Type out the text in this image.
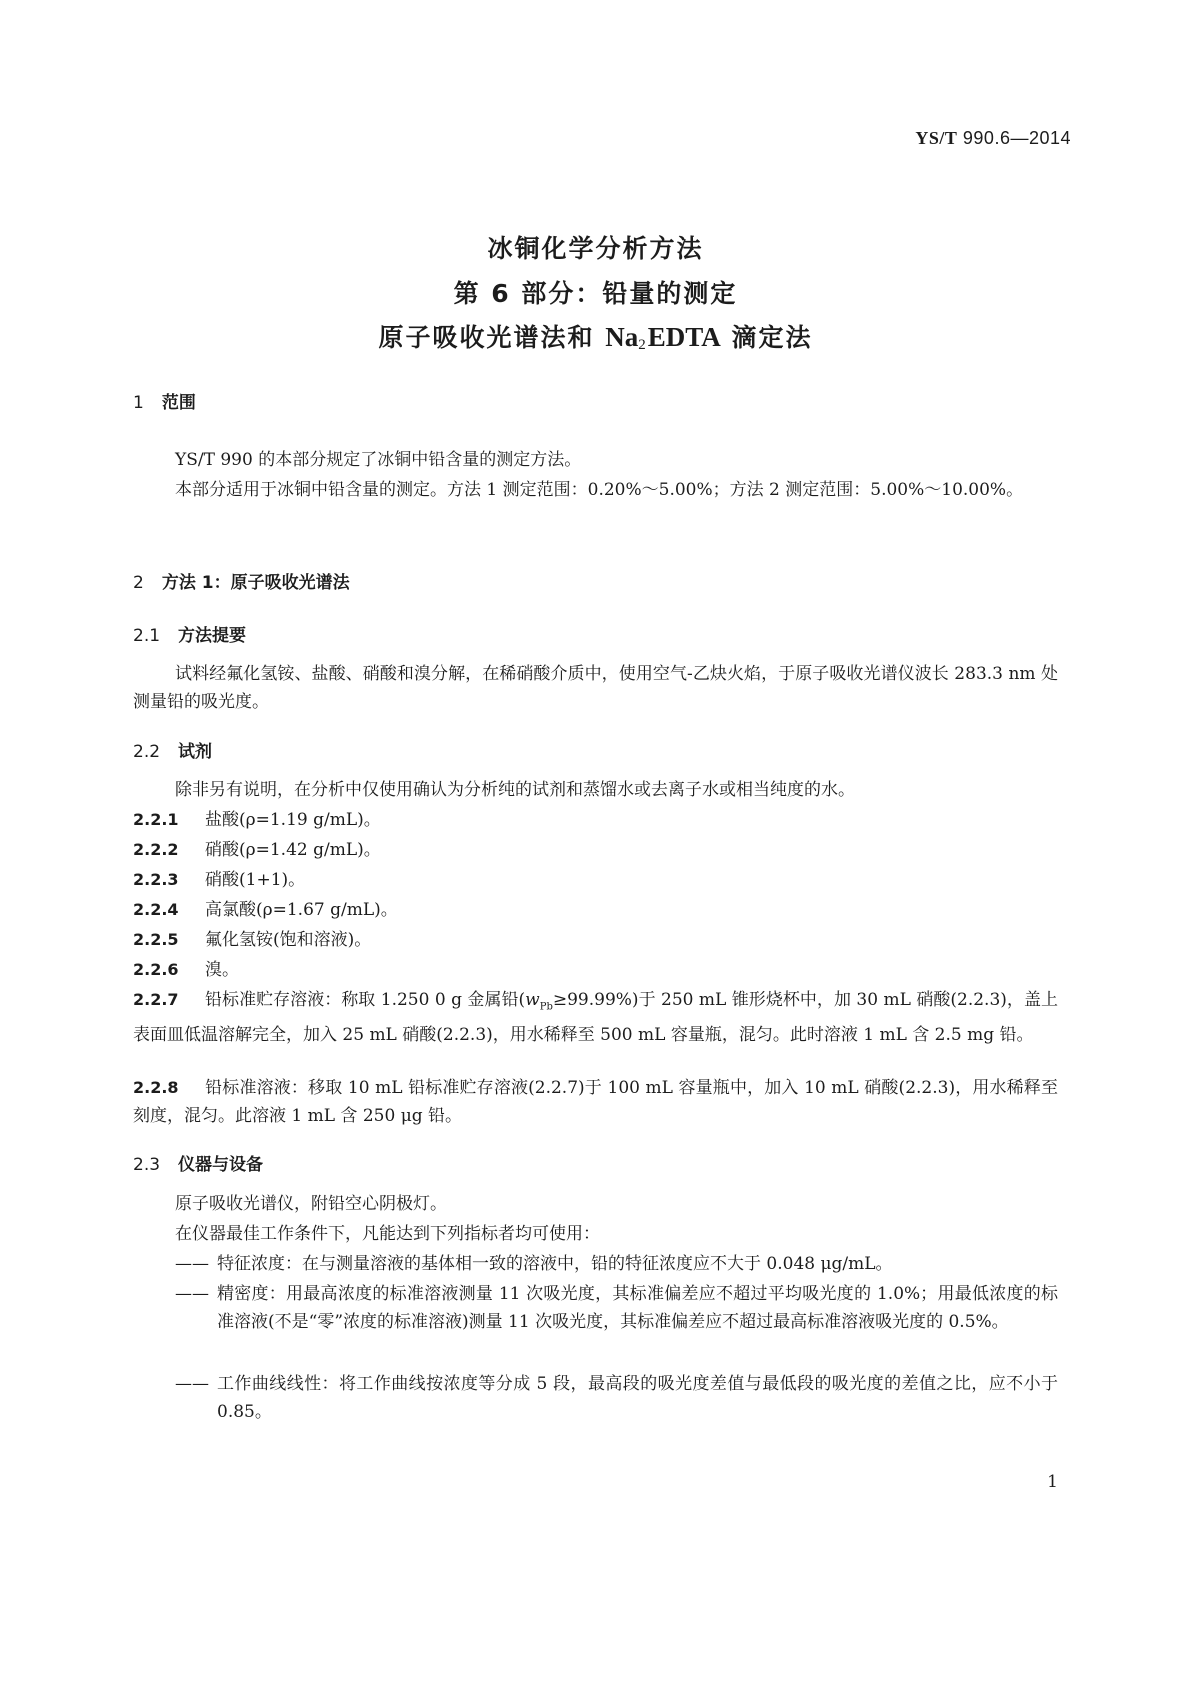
YS/T 990.6—2014
冰铜化学分析方法
第 6 部分：铅量的测定
原子吸收光谱法和 $Na_2EDTA$ 滴定法
1 范围
YS/T 990 的本部分规定了冰铜中铅含量的测定方法。
本部分适用于冰铜中铅含量的测定。方法 1 测定范围：0.20%～5.00%；方法 2 测定范围：5.00%～10.00%。
2 方法 1：原子吸收光谱法
2.1 方法提要
试料经氟化氢铵、盐酸、硝酸和溴分解，在稀硝酸介质中，使用空气-乙炔火焰，于原子吸收光谱仪波长 283.3 nm 处测量铅的吸光度。
2.2 试剂
除非另有说明，在分析中仅使用确认为分析纯的试剂和蒸馏水或去离子水或相当纯度的水。
2.2.1 盐酸(ρ=1.19 g/mL)。
2.2.2 硝酸(ρ=1.42 g/mL)。
2.2.3 硝酸(1+1)。
2.2.4 高氯酸(ρ=1.67 g/mL)。
2.2.5 氟化氢铵(饱和溶液)。
2.2.6 溴。
2.2.7 铅标准贮存溶液：称取 1.250 0 g 金属铅$(w_{Pb}\ge 99.99\%)$于 250 mL 锥形烧杯中，加 30 mL 硝酸(2.2.3)，盖上表面皿低温溶解完全，加入 25 mL 硝酸(2.2.3)，用水稀释至 500 mL 容量瓶，混匀。此时溶液 1 mL 含 2.5 mg 铅。
2.2.8 铅标准溶液：移取 10 mL 铅标准贮存溶液(2.2.7)于 100 mL 容量瓶中，加入 10 mL 硝酸(2.2.3)，用水稀释至刻度，混匀。此溶液 1 mL 含 250 μg 铅。
2.3 仪器与设备
原子吸收光谱仪，附铅空心阴极灯。
在仪器最佳工作条件下，凡能达到下列指标者均可使用：
—— 特征浓度：在与测量溶液的基体相一致的溶液中，铅的特征浓度应不大于 0.048 μg/mL。
—— 精密度：用最高浓度的标准溶液测量 11 次吸光度，其标准偏差应不超过平均吸光度的 1.0%；用最低浓度的标准溶液(不是“零”浓度的标准溶液)测量 11 次吸光度，其标准偏差应不超过最高标准溶液吸光度的 0.5%。
—— 工作曲线线性：将工作曲线按浓度等分成 5 段，最高段的吸光度差值与最低段的吸光度的差值之比，应不小于 0.85。
1
